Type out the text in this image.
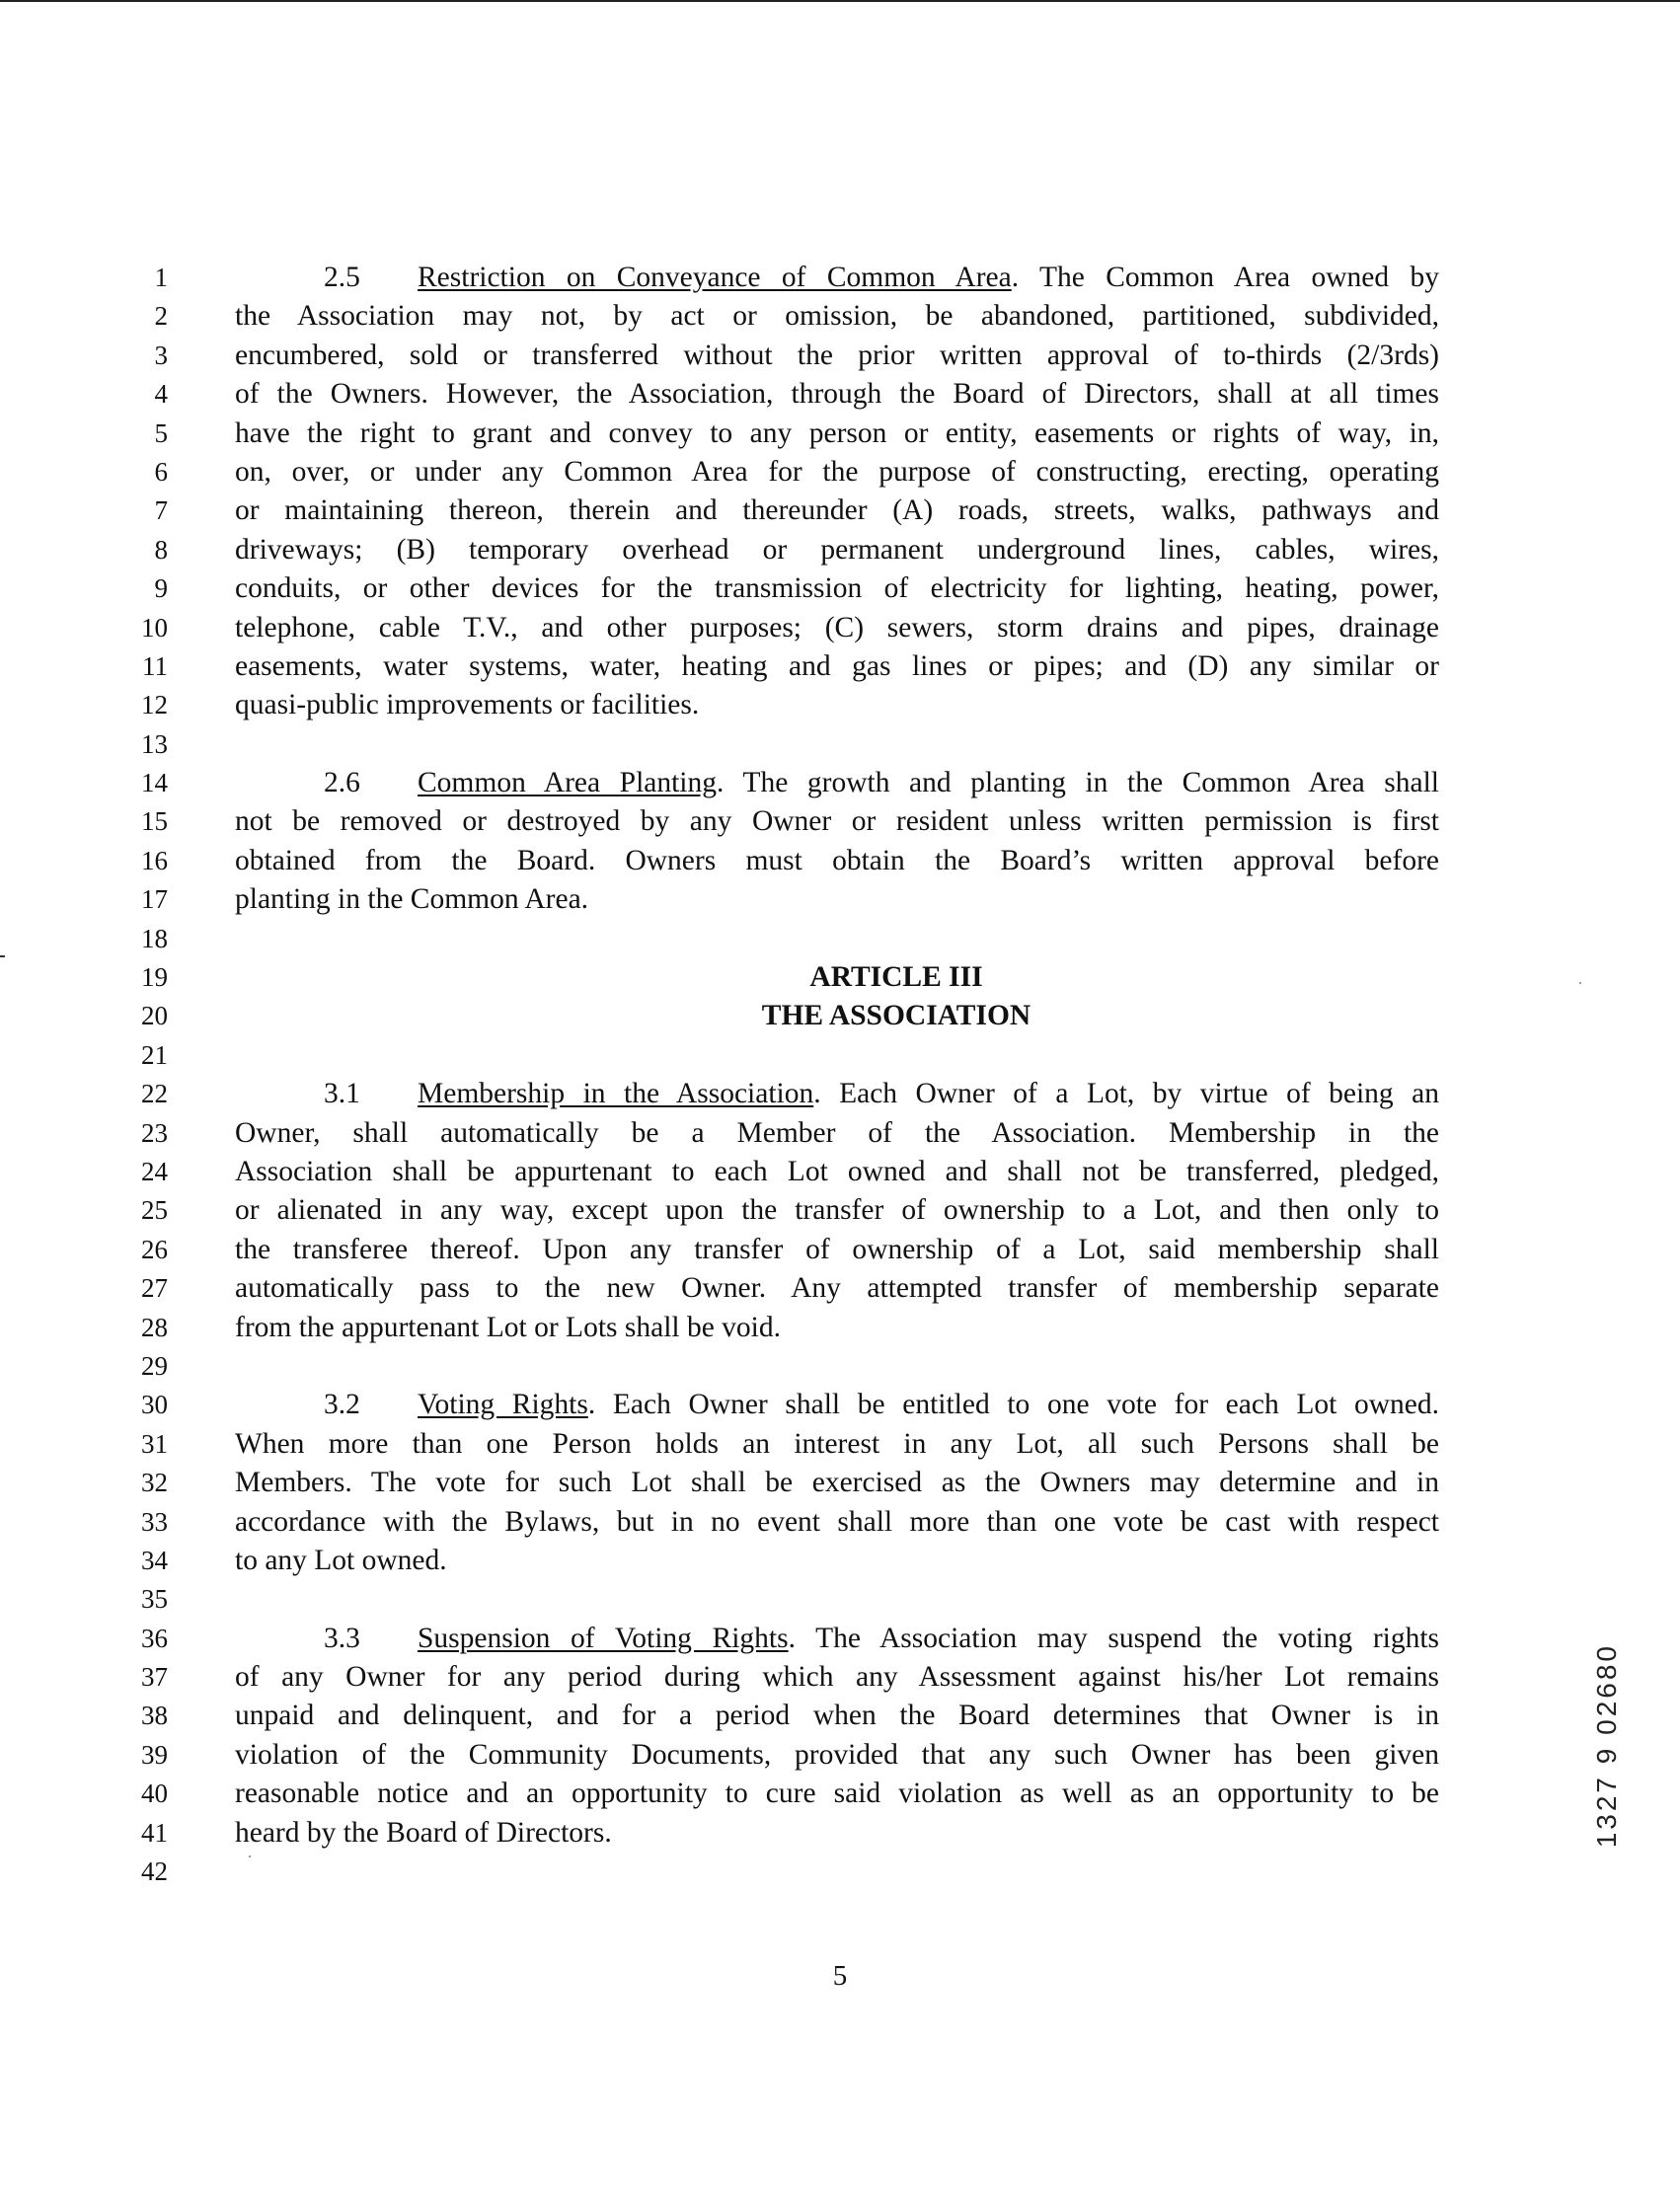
1
2
3
4
5
6
7
8
9
10
11
12
13
14
15
16
17
18
19
20
21
22
23
24
25
26
27
28
29
30
31
32
33
34
35
36
37
38
39
40
41
42
2.5 Restriction on Conveyance of Common Area. The Common Area owned by
the Association may not, by act or omission, be abandoned, partitioned, subdivided,
encumbered, sold or transferred without the prior written approval of to-thirds (2/3rds)
of the Owners. However, the Association, through the Board of Directors, shall at all times
have the right to grant and convey to any person or entity, easements or rights of way, in,
on, over, or under any Common Area for the purpose of constructing, erecting, operating
or maintaining thereon, therein and thereunder (A) roads, streets, walks, pathways and
driveways; (B) temporary overhead or permanent underground lines, cables, wires,
conduits, or other devices for the transmission of electricity for lighting, heating, power,
telephone, cable T.V., and other purposes; (C) sewers, storm drains and pipes, drainage
easements, water systems, water, heating and gas lines or pipes; and (D) any similar or
quasi-public improvements or facilities.
2.6 Common Area Planting. The growth and planting in the Common Area shall
not be removed or destroyed by any Owner or resident unless written permission is first
obtained from the Board. Owners must obtain the Board’s written approval before
planting in the Common Area.
ARTICLE III
THE ASSOCIATION
3.1 Membership in the Association. Each Owner of a Lot, by virtue of being an
Owner, shall automatically be a Member of the Association. Membership in the
Association shall be appurtenant to each Lot owned and shall not be transferred, pledged,
or alienated in any way, except upon the transfer of ownership to a Lot, and then only to
the transferee thereof. Upon any transfer of ownership of a Lot, said membership shall
automatically pass to the new Owner. Any attempted transfer of membership separate
from the appurtenant Lot or Lots shall be void.
3.2 Voting Rights. Each Owner shall be entitled to one vote for each Lot owned.
When more than one Person holds an interest in any Lot, all such Persons shall be
Members. The vote for such Lot shall be exercised as the Owners may determine and in
accordance with the Bylaws, but in no event shall more than one vote be cast with respect
to any Lot owned.
3.3 Suspension of Voting Rights. The Association may suspend the voting rights
of any Owner for any period during which any Assessment against his/her Lot remains
unpaid and delinquent, and for a period when the Board determines that Owner is in
violation of the Community Documents, provided that any such Owner has been given
reasonable notice and an opportunity to cure said violation as well as an opportunity to be
heard by the Board of Directors.
5
1327 9 02680
